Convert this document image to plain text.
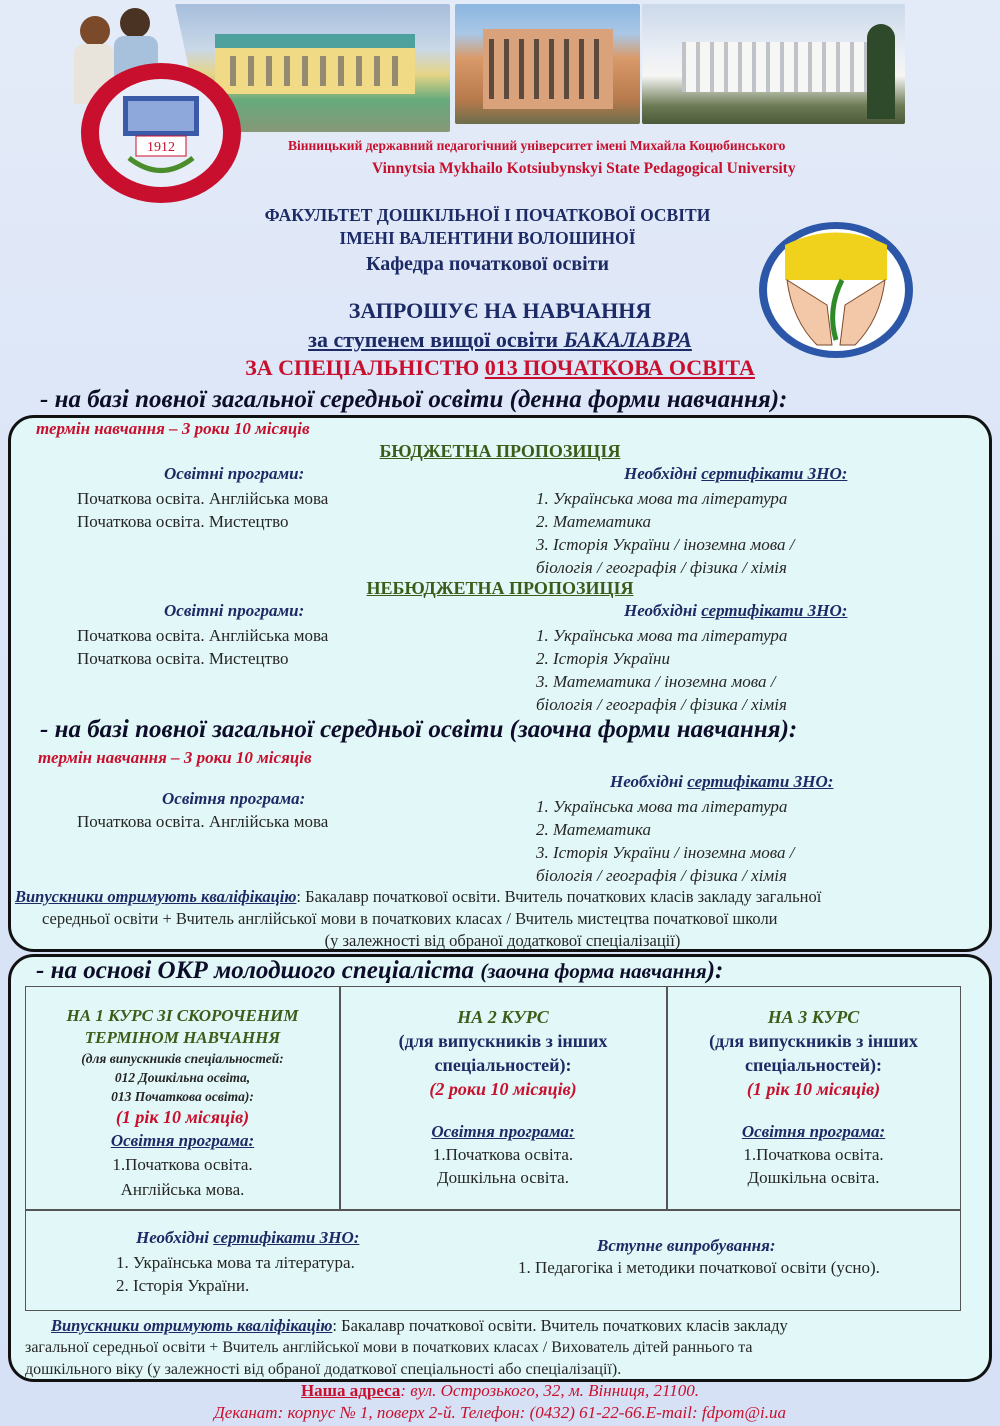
1912	Вінницький державний педагогічний університет імені Михайла Коцюбинського
Vinnytsia Mykhailo Kotsiubynskyi State Pedagogical University
ФАКУЛЬТЕТ ДОШКІЛЬНОЇ І ПОЧАТКОВОЇ ОСВІТИ
ІМЕНІ ВАЛЕНТИНИ ВОЛОШИНОЇ
Кафедра початкової освіти
ЗАПРОШУЄ НА НАВЧАННЯ
за ступенем вищої освіти БАКАЛАВРА
ЗА СПЕЦІАЛЬНІСТЮ 013 ПОЧАТКОВА ОСВІТА
- на базі повної загальної середньої освіти (денна форми навчання):
термін навчання – 3 роки 10 місяців
БЮДЖЕТНА ПРОПОЗИЦІЯ
Освітні програми:
Початкова освіта. Англійська мова
Початкова освіта. Мистецтво
Необхідні сертифікати ЗНО:
1. Українська мова та література
2. Математика
3. Історія України / іноземна мова /
біологія / географія / фізика / хімія
НЕБЮДЖЕТНА ПРОПОЗИЦІЯ
Освітні програми:
Початкова освіта. Англійська мова
Початкова освіта. Мистецтво
Необхідні сертифікати ЗНО:
1. Українська мова та література
2. Історія України
3. Математика / іноземна мова /
біологія / географія / фізика / хімія
- на базі повної загальної середньої освіти (заочна форми навчання):
термін навчання – 3 роки 10 місяців
Освітня програма:
Початкова освіта. Англійська мова
Необхідні сертифікати ЗНО:
1. Українська мова та література
2. Математика
3. Історія України / іноземна мова /
біологія / географія / фізика / хімія
Випускники отримують кваліфікацію: Бакалавр початкової освіти. Вчитель початкових класів закладу загальної
середньої освіти + Вчитель англійської мови в початкових класах / Вчитель мистецтва початкової школи
(у залежності від обраної додаткової спеціалізації)
- на основі ОКР молодшого спеціаліста (заочна форма навчання):
НА 1 КУРС ЗІ СКОРОЧЕНИМ
ТЕРМІНОМ НАВЧАННЯ
(для випускників спеціальностей:
012 Дошкільна освіта,
013 Початкова освіта):
(1 рік 10 місяців)
Освітня програма:
1.Початкова освіта.
Англійська мова.
НА 2 КУРС
(для випускників з інших
спеціальностей):
(2 роки 10 місяців)
Освітня програма:
1.Початкова освіта.
Дошкільна освіта.
НА 3 КУРС
(для випускників з інших
спеціальностей):
(1 рік 10 місяців)
Освітня програма:
1.Початкова освіта.
Дошкільна освіта.
Необхідні сертифікати ЗНО:
1. Українська мова та література.
2. Історія України.
Вступне випробування:
1. Педагогіка і методики початкової освіти (усно).
Випускники отримують кваліфікацію: Бакалавр початкової освіти. Вчитель початкових класів закладу
загальної середньої освіти + Вчитель англійської мови в початкових класах / Вихователь дітей раннього та
дошкільного віку (у залежності від обраної додаткової спеціальності або спеціалізації).
Наша адреса: вул. Острозького, 32, м. Вінниця, 21100.
Деканат: корпус № 1, поверх 2-й. Телефон: (0432) 61-22-66.E-mail: fdpom@i.ua
